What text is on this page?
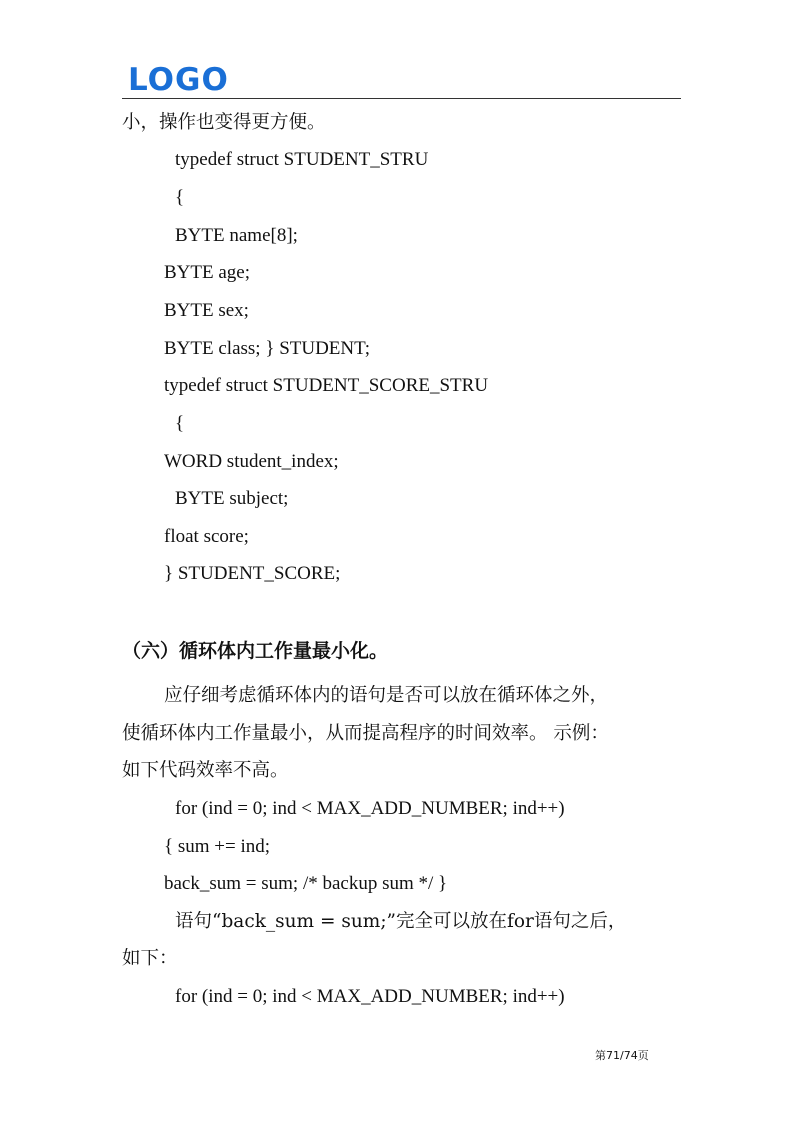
LOGO
小，操作也变得更方便。
typedef struct STUDENT_STRU
{
BYTE name[8];
BYTE age;
BYTE sex;
BYTE class; } STUDENT;
typedef struct STUDENT_SCORE_STRU
{
WORD student_index;
BYTE subject;
float score;
} STUDENT_SCORE;
（六）循环体内工作量最小化。
应仔细考虑循环体内的语句是否可以放在循环体之外，
使循环体内工作量最小，从而提高程序的时间效率。 示例：
如下代码效率不高。
for (ind = 0; ind < MAX_ADD_NUMBER; ind++)
{ sum += ind;
back_sum = sum; /* backup sum */ }
语句“back_sum = sum;”完全可以放在for语句之后，
如下：
for (ind = 0; ind < MAX_ADD_NUMBER; ind++)
第71/74页
